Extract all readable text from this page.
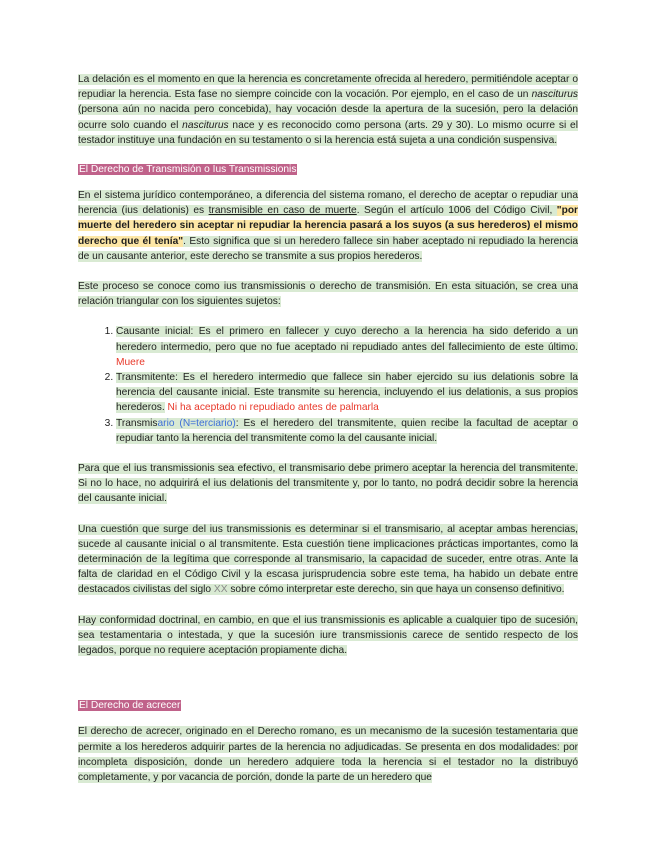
La delación es el momento en que la herencia es concretamente ofrecida al heredero, permitiéndole aceptar o repudiar la herencia. Esta fase no siempre coincide con la vocación. Por ejemplo, en el caso de un nasciturus (persona aún no nacida pero concebida), hay vocación desde la apertura de la sucesión, pero la delación ocurre solo cuando el nasciturus nace y es reconocido como persona (arts. 29 y 30). Lo mismo ocurre si el testador instituye una fundación en su testamento o si la herencia está sujeta a una condición suspensiva.

El Derecho de Transmisión o Ius Transmissionis

En el sistema jurídico contemporáneo, a diferencia del sistema romano, el derecho de aceptar o repudiar una herencia (ius delationis) es transmisible en caso de muerte. Según el artículo 1006 del Código Civil, "por muerte del heredero sin aceptar ni repudiar la herencia pasará a los suyos (a sus herederos) el mismo derecho que él tenía". Esto significa que si un heredero fallece sin haber aceptado ni repudiado la herencia de un causante anterior, este derecho se transmite a sus propios herederos.

Este proceso se conoce como ius transmissionis o derecho de transmisión. En esta situación, se crea una relación triangular con los siguientes sujetos:

1. Causante inicial: Es el primero en fallecer y cuyo derecho a la herencia ha sido deferido a un heredero intermedio, pero que no fue aceptado ni repudiado antes del fallecimiento de este último. Muere
2. Transmitente: Es el heredero intermedio que fallece sin haber ejercido su ius delationis sobre la herencia del causante inicial. Este transmite su herencia, incluyendo el ius delationis, a sus propios herederos. Ni ha aceptado ni repudiado antes de palmarla
3. Transmisario (N=terciario): Es el heredero del transmitente, quien recibe la facultad de aceptar o repudiar tanto la herencia del transmitente como la del causante inicial.

Para que el ius transmissionis sea efectivo, el transmisario debe primero aceptar la herencia del transmitente. Si no lo hace, no adquirirá el ius delationis del transmitente y, por lo tanto, no podrá decidir sobre la herencia del causante inicial.

Una cuestión que surge del ius transmissionis es determinar si el transmisario, al aceptar ambas herencias, sucede al causante inicial o al transmitente. Esta cuestión tiene implicaciones prácticas importantes, como la determinación de la legítima que corresponde al transmisario, la capacidad de suceder, entre otras. Ante la falta de claridad en el Código Civil y la escasa jurisprudencia sobre este tema, ha habido un debate entre destacados civilistas del siglo XX sobre cómo interpretar este derecho, sin que haya un consenso definitivo.

Hay conformidad doctrinal, en cambio, en que el ius transmissionis es aplicable a cualquier tipo de sucesión, sea testamentaria o intestada, y que la sucesión iure transmissionis carece de sentido respecto de los legados, porque no requiere aceptación propiamente dicha.

El Derecho de acrecer

El derecho de acrecer, originado en el Derecho romano, es un mecanismo de la sucesión testamentaria que permite a los herederos adquirir partes de la herencia no adjudicadas. Se presenta en dos modalidades: por incompleta disposición, donde un heredero adquiere toda la herencia si el testador no la distribuyó completamente, y por vacancia de porción, donde la parte de un heredero que
